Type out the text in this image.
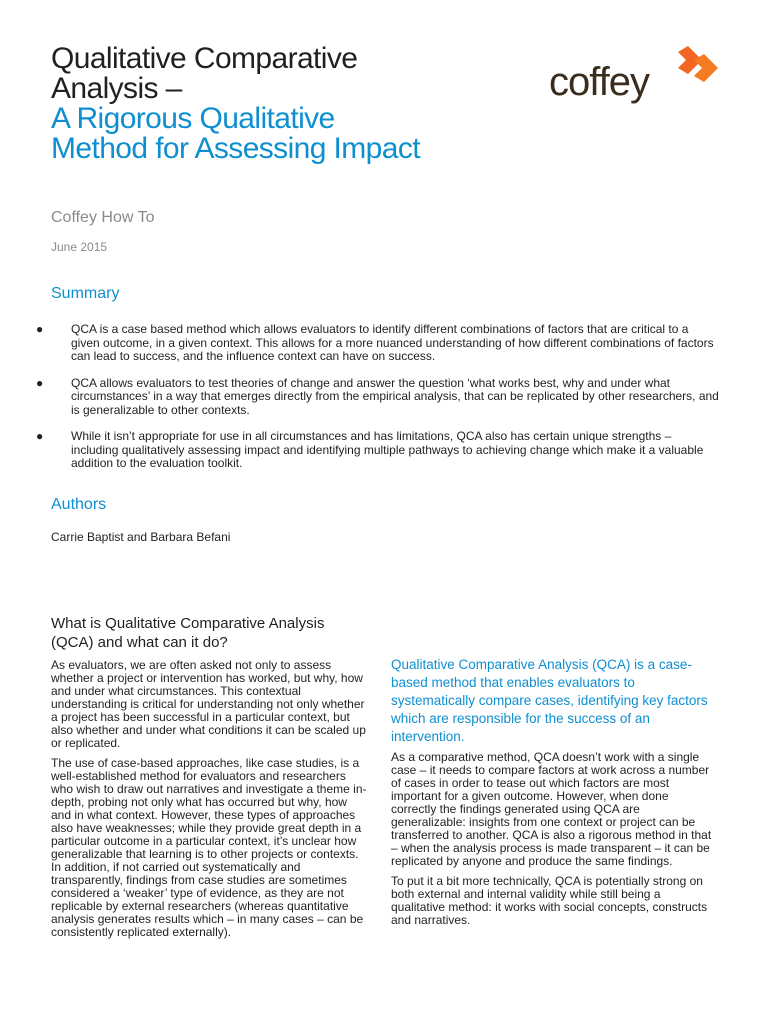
Qualitative Comparative
Analysis –
A Rigorous Qualitative
Method for Assessing Impact
coffey
Coffey How To
June 2015
Summary
● QCA is a case based method which allows evaluators to identify different combinations of factors that are critical to a given outcome, in a given context. This allows for a more nuanced understanding of how different combinations of factors can lead to success, and the influence context can have on success.
● QCA allows evaluators to test theories of change and answer the question ‘what works best, why and under what circumstances’ in a way that emerges directly from the empirical analysis, that can be replicated by other researchers, and is generalizable to other contexts.
● While it isn’t appropriate for use in all circumstances and has limitations, QCA also has certain unique strengths – including qualitatively assessing impact and identifying multiple pathways to achieving change which make it a valuable addition to the evaluation toolkit.
Authors
Carrie Baptist and Barbara Befani
What is Qualitative Comparative Analysis (QCA) and what can it do?

As evaluators, we are often asked not only to assess whether a project or intervention has worked, but why, how and under what circumstances. This contextual understanding is critical for understanding not only whether a project has been successful in a particular context, but also whether and under what conditions it can be scaled up or replicated.

The use of case-based approaches, like case studies, is a well-established method for evaluators and researchers who wish to draw out narratives and investigate a theme in-depth, probing not only what has occurred but why, how and in what context. However, these types of approaches also have weaknesses; while they provide great depth in a particular outcome in a particular context, it’s unclear how generalizable that learning is to other projects or contexts. In addition, if not carried out systematically and transparently, findings from case studies are sometimes considered a ‘weaker’ type of evidence, as they are not replicable by external researchers (whereas quantitative analysis generates results which – in many cases – can be consistently replicated externally).

Qualitative Comparative Analysis (QCA) is a case-based method that enables evaluators to systematically compare cases, identifying key factors which are responsible for the success of an intervention.

As a comparative method, QCA doesn’t work with a single case – it needs to compare factors at work across a number of cases in order to tease out which factors are most important for a given outcome. However, when done correctly the findings generated using QCA are generalizable: insights from one context or project can be transferred to another. QCA is also a rigorous method in that – when the analysis process is made transparent – it can be replicated by anyone and produce the same findings.

To put it a bit more technically, QCA is potentially strong on both external and internal validity while still being a qualitative method: it works with social concepts, constructs and narratives.
